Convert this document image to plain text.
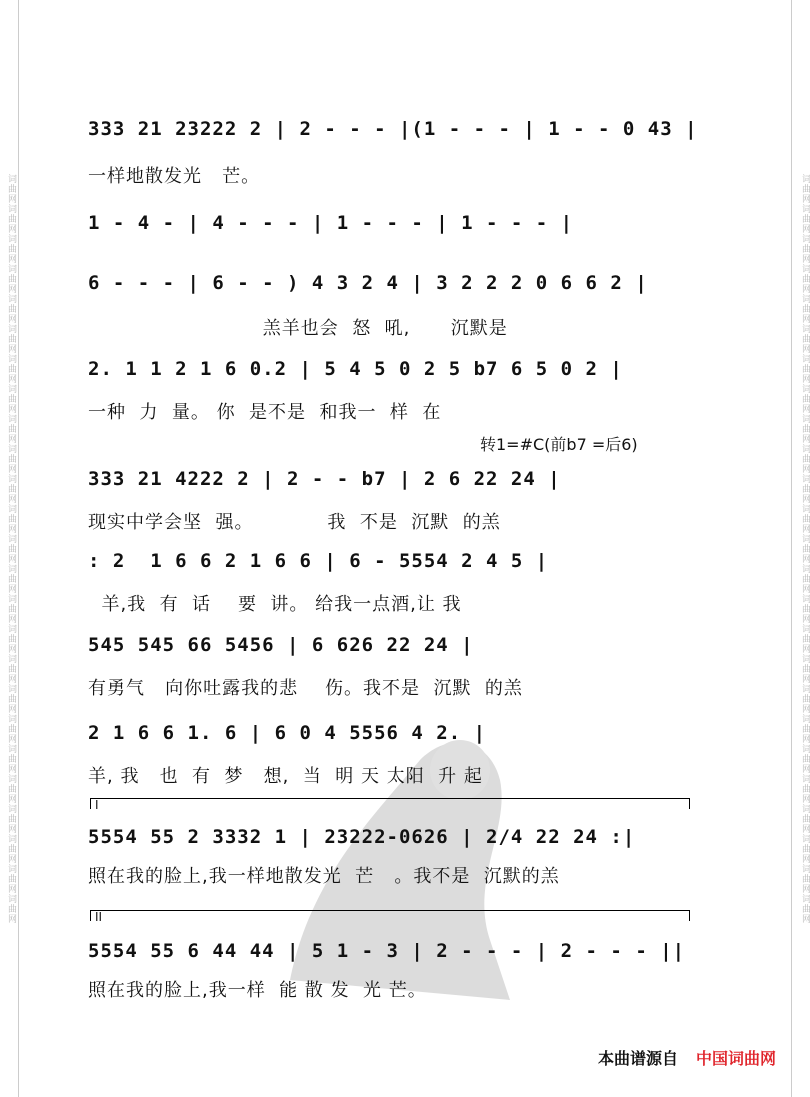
词曲网词曲网词曲网词曲网词曲网词曲网词曲网词曲网词曲网词曲网词曲网词曲网词曲网词曲网词曲网词曲网词曲网词曲网词曲网词曲网词曲网词曲网词曲网词曲网词曲网	词曲网词曲网词曲网词曲网词曲网词曲网词曲网词曲网词曲网词曲网词曲网词曲网词曲网词曲网词曲网词曲网词曲网词曲网词曲网词曲网词曲网词曲网词曲网词曲网词曲网
333 21 23222 2 | 2 - - - |(1 - - - | 1 - - 0 43 |
一样地散发光   芒。
1 - 4 - | 4 - - - | 1 - - - | 1 - - - |
6 - - - | 6 - - ) 4 3 2 4 | 3 2 2 2 0 6 6 2 |
羔羊也会  怒  吼,      沉默是
2. 1 1 2 1 6 0.2 | 5 4 5 0 2 5 b7 6 5 0 2 |
一种  力  量。 你  是不是  和我一  样  在
转1=#C(前b7 =后6)
333 21 4222 2 | 2 - - b7 | 2 6 22 24 |
现实中学会坚  强。           我  不是  沉默  的羔
: 2  1 6 6 2 1 6 6 | 6 - 5554 2 4 5 |
羊,我  有  话    要  讲。 给我一点酒,让 我
545 545 66 5456 | 6 626 22 24 |
有勇气   向你吐露我的悲    伤。我不是  沉默  的羔
2 1 6 6 1. 6 | 6 0 4 5556 4 2. |
羊, 我   也  有  梦   想,  当  明 天 太阳  升 起
I
5554 55 2 3332 1 | 23222-0626 | 2/4 22 24 :|
照在我的脸上,我一样地散发光  芒   。我不是  沉默的羔
II
5554 55 6 44 44 | 5 1 - 3 | 2 - - - | 2 - - - ||
照在我的脸上,我一样  能 散 发  光 芒。
本曲谱源自 中国词曲网
